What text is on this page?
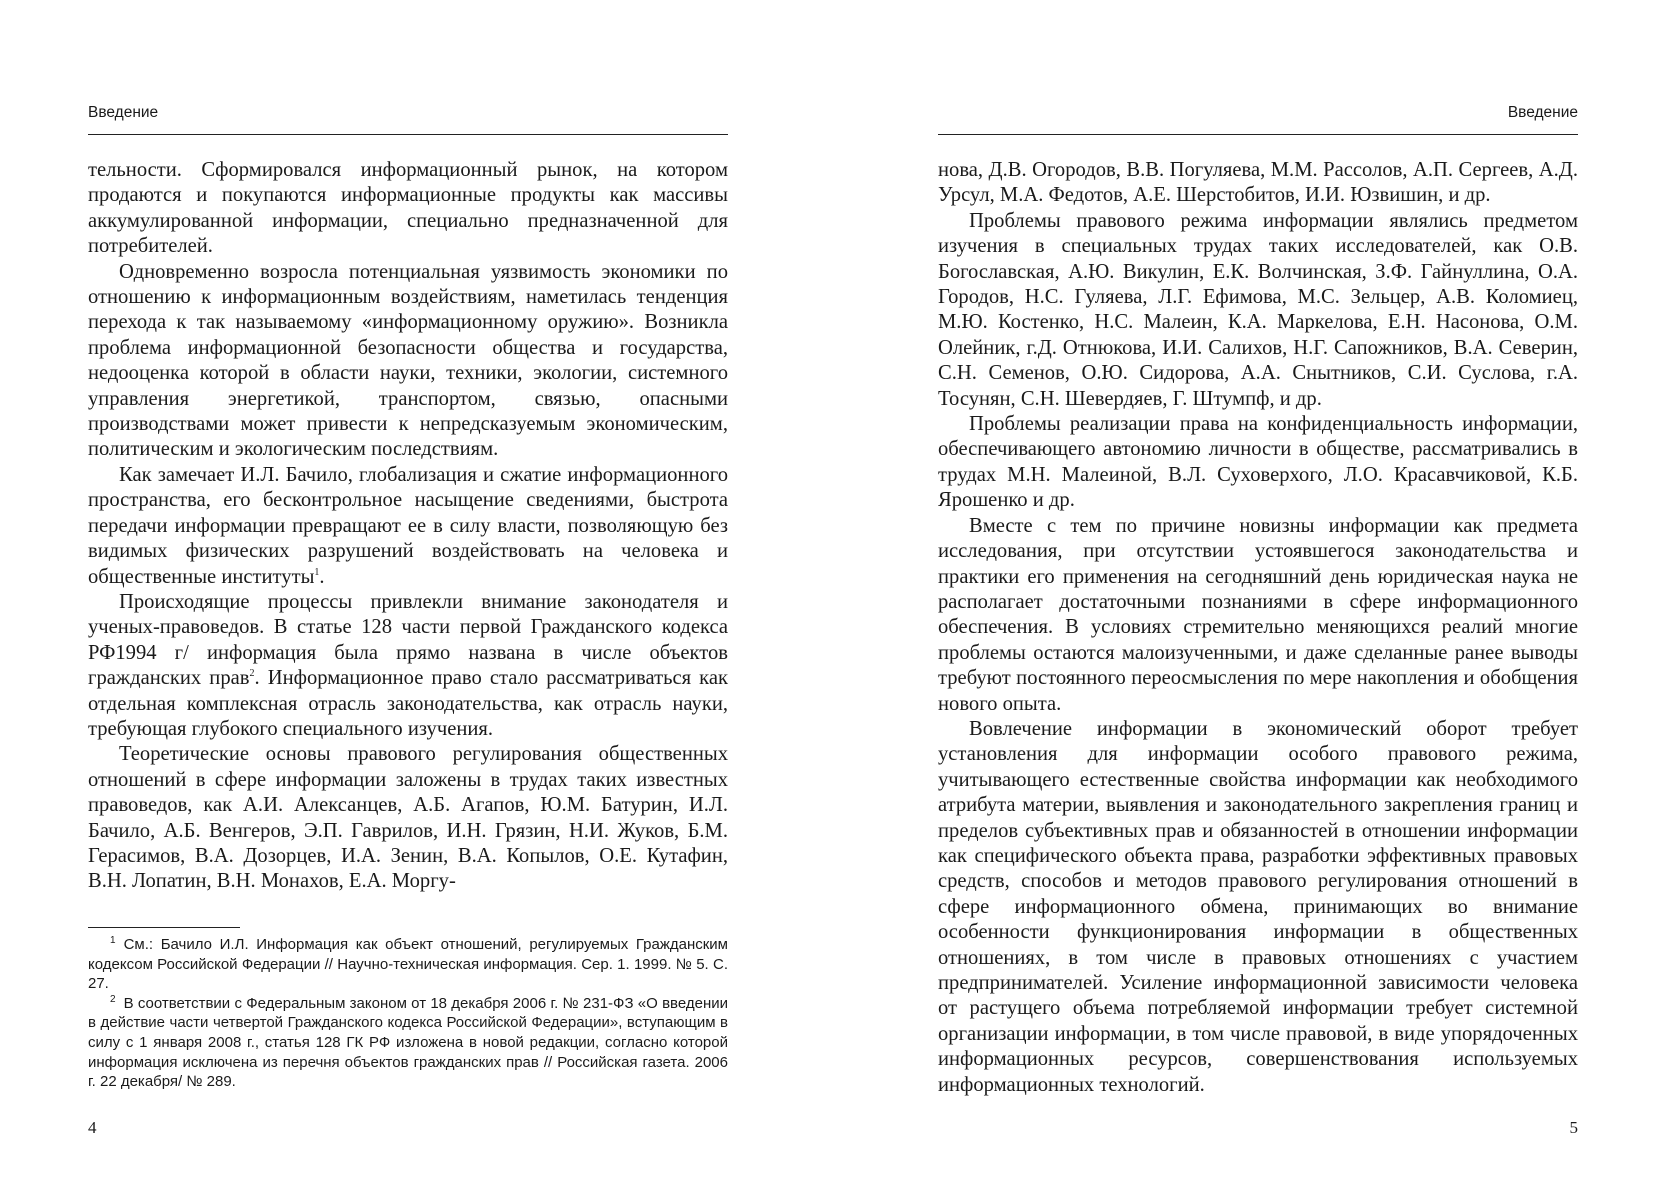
Введение

тельности. Сформировался информационный рынок, на котором продаются и покупаются информационные продукты как массивы аккумулированной информации, специально предназначенной для потребителей.

Одновременно возросла потенциальная уязвимость экономики по отношению к информационным воздействиям, наметилась тенденция перехода к так называемому «информационному оружию». Возникла проблема информационной безопасности общества и государства, недооценка которой в области науки, техники, экологии, системного управления энергетикой, транспортом, связью, опасными производствами может привести к непредсказуемым экономическим, политическим и экологическим последствиям.

Как замечает И.Л. Бачило, глобализация и сжатие информационного пространства, его бесконтрольное насыщение сведениями, быстрота передачи информации превращают ее в силу власти, позволяющую без видимых физических разрушений воздействовать на человека и общественные институты$^1$.

Происходящие процессы привлекли внимание законодателя и ученых-правоведов. В статье 128 части первой Гражданского кодекса РФ1994 г/ информация была прямо названа в числе объектов гражданских прав$^2$. Информационное право стало рассматриваться как отдельная комплексная отрасль законодательства, как отрасль науки, требующая глубокого специального изучения.

Теоретические основы правового регулирования общественных отношений в сфере информации заложены в трудах таких известных правоведов, как А.И. Алексанцев, А.Б. Агапов, Ю.М. Батурин, И.Л. Бачило, А.Б. Венгеров, Э.П. Гаврилов, И.Н. Грязин, Н.И. Жуков, Б.М. Герасимов, В.А. Дозорцев, И.А. Зенин, В.А. Копылов, О.Е. Кутафин, В.Н. Лопатин, В.Н. Монахов, Е.А. Моргу-

$^1$ См.: Бачило И.Л. Информация как объект отношений, регулируемых Гражданским кодексом Российской Федерации // Научно-техническая информация. Сер. 1. 1999. № 5. С. 27.

$^2$ В соответствии с Федеральным законом от 18 декабря 2006 г. № 231-ФЗ «О введении в действие части четвертой Гражданского кодекса Российской Федерации», вступающим в силу с 1 января 2008 г., статья 128 ГК РФ изложена в новой редакции, согласно которой информация исключена из перечня объектов гражданских прав // Российская газета. 2006 г. 22 декабря/ № 289.

4
Введение

нова, Д.В. Огородов, В.В. Погуляева, М.М. Рассолов, А.П. Сергеев, А.Д. Урсул, М.А. Федотов, А.Е. Шерстобитов, И.И. Юзвишин, и др.

Проблемы правового режима информации являлись предметом изучения в специальных трудах таких исследователей, как О.В. Богославская, А.Ю. Викулин, Е.К. Волчинская, З.Ф. Гайнуллина, О.А. Городов, Н.С. Гуляева, Л.Г. Ефимова, М.С. Зельцер, А.В. Коломиец, М.Ю. Костенко, Н.С. Малеин, К.А. Маркелова, Е.Н. Насонова, О.М. Олейник, г.Д. Отнюкова, И.И. Салихов, Н.Г. Сапожников, В.А. Северин, С.Н. Семенов, О.Ю. Сидорова, А.А. Снытников, С.И. Суслова, г.А. Тосунян, С.Н. Шевердяев, Г. Штумпф, и др.

Проблемы реализации права на конфиденциальность информации, обеспечивающего автономию личности в обществе, рассматривались в трудах М.Н. Малеиной, В.Л. Суховерхого, Л.О. Красавчиковой, К.Б. Ярошенко и др.

Вместе с тем по причине новизны информации как предмета исследования, при отсутствии устоявшегося законодательства и практики его применения на сегодняшний день юридическая наука не располагает достаточными познаниями в сфере информационного обеспечения. В условиях стремительно меняющихся реалий многие проблемы остаются малоизученными, и даже сделанные ранее выводы требуют постоянного переосмысления по мере накопления и обобщения нового опыта.

Вовлечение информации в экономический оборот требует установления для информации особого правового режима, учитывающего естественные свойства информации как необходимого атрибута материи, выявления и законодательного закрепления границ и пределов субъективных прав и обязанностей в отношении информации как специфического объекта права, разработки эффективных правовых средств, способов и методов правового регулирования отношений в сфере информационного обмена, принимающих во внимание особенности функционирования информации в общественных отношениях, в том числе в правовых отношениях с участием предпринимателей. Усиление информационной зависимости человека от растущего объема потребляемой информации требует системной организации информации, в том числе правовой, в виде упорядоченных информационных ресурсов, совершенствования используемых информационных технологий.

5
